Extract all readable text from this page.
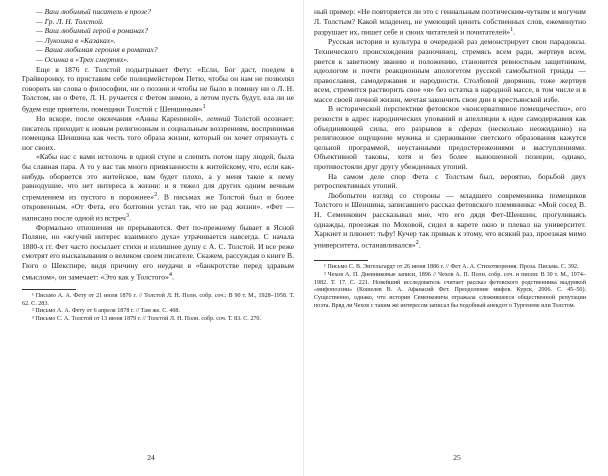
— Ваш любимый писатель в прозе?

— Гр. Л. Н. Толстой.

— Ваш любимый герой в романах?

— Лукошка в «Казаках».

— Ваша любимая героиня в романах?

— Осинка в «Трех смертях».

Еще в 1876 г. Толстой подыгрывает Фету: «Если, Бог даст, поедем в Грайворонку, то приставим себе полицмейстером Петю, чтобы он нам не позволял говорить ни слова о философии, ни о поэзии и чтобы не было в помину ни о Л. Н. Толстом, ни о Фете, Л. Н. ручается с Фетом зимою, а летом пусть будут, ела ли не будем еще приятели, помещики Толстой с Шеншиным»$^1$

Но вскоре, после окончания «Анны Карениной», летний Толстой осознает: писатель приходит к новым религиозным и социальным воззрениям, воспринимая помещика Шеншина как честь того образа жизни, который он хочет отряхнуть с ног своих.

«Кабы нас с вами истолочь в одной ступе и слепить потом пару людей, была бы славная пара. А то у вас так много привязанности к житейскому, что, если как-нибудь оборвется это житейское, вам будет плохо, а у меня такое к нему равнодушие, что нет интереса к жизни: и я тяжел для других одним вечным стремлением из пустого в порожнее»$^2$. В письмах же Толстой был и более откровенным. «От Фета, его болтовни устал так, что не рад жизни». «Фет — написано после одной из встреч$^3$.

Формально отношения не прерываются. Фет по-прежнему бывает в Ясной Поляне, но «жгучий интерес взаимного духа» утрачивается навсегда. С начала 1880-х гг. Фет часто посылает стихи и излишнее душу с А. С. Толстой. И все реже смотрят его высказывания о великом своем писателе. Скажем, рассуждая о книге В. Гюго о Шекспире, видя причину его неудачи в «банкротстве перед здравым смыслом», он замечает: «Это как у Толстого»$^4$.

¹ Письмо А. А. Фету от 21 июля 1876 г. // Толстой Л. Н. Полн. собр. соч.: В 90 т. М., 1928–1958. Т. 62. С. 283.

² Письмо А. А. Фету от 6 апреля 1878 г. // Там же. С. 408.

³ Письмо С. А. Толстой от 13 июня 1879 г. // Толстой Л. Н. Полн. собр. соч. Т. 83. С. 270.

24

ный пример: «Не повторяется ли это с гениальным поэтическим-чутким и могучим Л. Толстым? Какой младенец, не умеющий ценить собственных слов, ежеминутно разрушает их, пишет себе и своих читателей и почитателей»$^1$.

Русская история и культура в очередной раз демонстрирует свои парадоксы. Технического происхождения разночинец, стремясь всем ради, жертвуя всем, рвется к заветному званию и положению, становится ревностным защитником, идеологом и почти реакционным апологетом русской самобытной триады — православия, самодержавия и народности. Столбовой дворянин, тоже жертвуя всем, стремится растворить свое «я» без остатка в народной массе, в том числе и в массе своей личной жизни, мечтая закончить свои дни в крестьянской избе.

В исторической перспективе фетовское «консервативное помещичество», его резкости в адрес народнических упований и апелляции к идее самодержавия как объединяющей силы, его разрывов в сферах (несколько неожиданно) на религиозное ощущение мужика и сдерживание светского образования кажутся цельной программой, неустанными предостережениями и выступлениями. Объективной таковы, хотя и без более выношенной позиции, однако, противостояли друг другу убежденных утопий.

На самом деле спор Фета с Толстым был, вероятно, борьбой двух ретроспективных утопий.

Любопытен взгляд со стороны — младшего современника помещиков Толстого и Шеншина, записавшего рассказ фетовского племянника: «Мой сосед В. Н. Семенкович рассказывал мне, что его дядя Фет-Шеншин, прогуливаясь однажды, проезжая по Моховой, сидел в карете окно и плевал на университет. Харкнет и плюнет: тьфу! Кучер так привык к этому, что всякий раз, проезжая мимо университета, останавливался»$^2$.

¹ Письмо С. В. Энгельгардт от 26 июня 1886 г. // Фет А. А. Стихотворения. Проза. Письма. С. 392.

² Чехов А. П. Дневниковые записи, 1896 // Чехов А. П. Полн. собр. соч. и писем: В 30 т. М., 1974–1982. Т. 17. С. 221. Новейший исследователь считает рассказ фетовского родственника выдумкой «мифопоэзии» (Кошелев В. А. Афанасий Фет. Преодоление мифов. Курск, 2006. С. 45–50). Существенно, однако, что история Семенковича отражала сложившееся общественной репутации поэта. Вряд ли Чехов с таким же интересом записал бы подобный анекдот о Тургеневе или Толстом.

25
